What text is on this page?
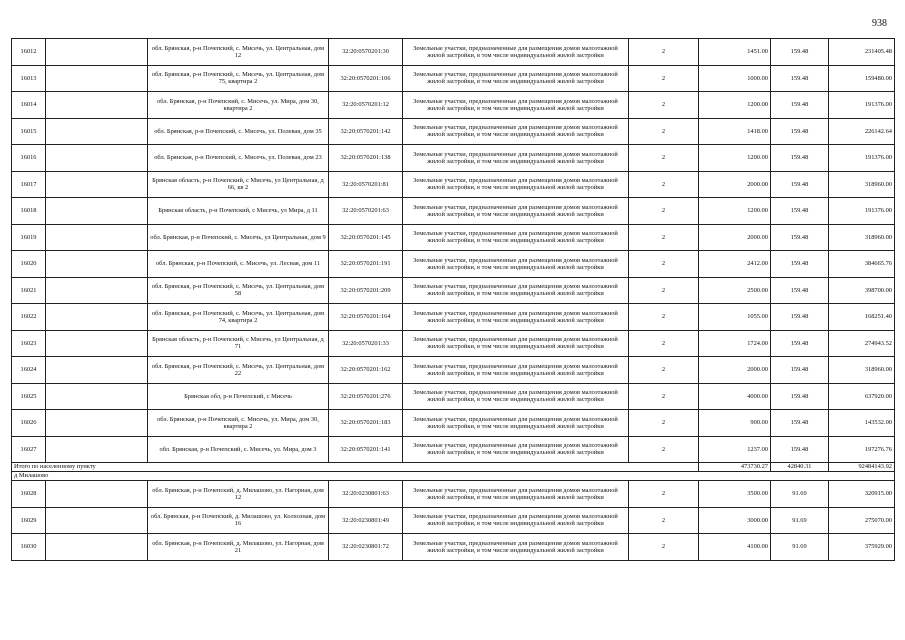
938
16012		обл. Брянская, р-н Почепский, с. Мисечь, ул. Центральная, дом 12	32:20:0570201:30	Земельные участки, предназначенные для размещения домов малоэтажной жилой застройки, в том числе индивидуальной жилой застройки	2	1451.00	159.48	231405.48
16013		обл. Брянская, р-н Почепский, с. Мисечь, ул. Центральная, дом 75, квартира 2	32:20:0570201:106	Земельные участки, предназначенные для размещения домов малоэтажной жилой застройки, в том числе индивидуальной жилой застройки	2	1000.00	159.48	159480.00
16014		обл. Брянская, р-н Почепский, с. Мисечь, ул. Мира, дом 30, квартира 2	32:20:0570201:12	Земельные участки, предназначенные для размещения домов малоэтажной жилой застройки, в том числе индивидуальной жилой застройки	2	1200.00	159.48	191376.00
16015		обл. Брянская, р-н Почепский, с. Мисечь, ул. Полевая, дом 35	32:20:0570201:142	Земельные участки, предназначенные для размещения домов малоэтажной жилой застройки, в том числе индивидуальной жилой застройки	2	1418.00	159.48	226142.64
16016		обл. Брянская, р-н Почепский, с. Мисечь, ул. Полевая, дом 23	32:20:0570201:138	Земельные участки, предназначенные для размещения домов малоэтажной жилой застройки, в том числе индивидуальной жилой застройки	2	1200.00	159.48	191376.00
16017		Брянская область, р-н Почепский, с Мисечь, ул Центральная, д 66, кв 2	32:20:0570201:81	Земельные участки, предназначенные для размещения домов малоэтажной жилой застройки, в том числе индивидуальной жилой застройки	2	2000.00	159.48	318960.00
16018		Брянская область, р-н Почепский, с Мисечь, ул Мира, д 11	32:20:0570201:63	Земельные участки, предназначенные для размещения домов малоэтажной жилой застройки, в том числе индивидуальной жилой застройки	2	1200.00	159.48	191376.00
16019		обл. Брянская, р-н Почепский, с. Мисечь, ул Центральная, дом 9	32:20:0570201:145	Земельные участки, предназначенные для размещения домов малоэтажной жилой застройки, в том числе индивидуальной жилой застройки	2	2000.00	159.48	318960.00
16020		обл. Брянская, р-н Почепский, с. Мисечь, ул. Лесная, дом 11	32:20:0570201:191	Земельные участки, предназначенные для размещения домов малоэтажной жилой застройки, в том числе индивидуальной жилой застройки	2	2412.00	159.48	384665.76
16021		обл. Брянская, р-н Почепский, с. Мисечь, ул. Центральная, дом 58	32:20:0570201:209	Земельные участки, предназначенные для размещения домов малоэтажной жилой застройки, в том числе индивидуальной жилой застройки	2	2500.00	159.48	398700.00
16022		обл. Брянская, р-н Почепский, с. Мисечь, ул. Центральная, дом 74, квартира 2	32:20:0570201:164	Земельные участки, предназначенные для размещения домов малоэтажной жилой застройки, в том числе индивидуальной жилой застройки	2	1055.00	159.48	168251.40
16023		Брянская область, р-н Почепский, с Мисечь, ул Центральная, д 71	32:20:0570201:33	Земельные участки, предназначенные для размещения домов малоэтажной жилой застройки, в том числе индивидуальной жилой застройки	2	1724.00	159.48	274943.52
16024		обл. Брянская, р-н Почепский, с. Мисечь, ул. Центральная, дом 22	32:20:0570201:162	Земельные участки, предназначенные для размещения домов малоэтажной жилой застройки, в том числе индивидуальной жилой застройки	2	2000.00	159.48	318960.00
16025		Брянская обл, р-н Почепский, с Мисечь	32:20:0570201:276	Земельные участки, предназначенные для размещения домов малоэтажной жилой застройки, в том числе индивидуальной жилой застройки	2	4000.00	159.48	637920.00
16026		обл. Брянская, р-н Почепский, с. Мисечь, ул. Мира, дом 30, квартира 2	32:20:0570201:183	Земельные участки, предназначенные для размещения домов малоэтажной жилой застройки, в том числе индивидуальной жилой застройки	2	900.00	159.48	143532.00
16027		обл. Брянская, р-н Почепский, с. Мисечь, ул. Мира, дом 3	32:20:0570201:141	Земельные участки, предназначенные для размещения домов малоэтажной жилой застройки, в том числе индивидуальной жилой застройки	2	1237.00	159.48	197276.76
Итого по населенному пункту						473730.27	42840.31	92484143.92
д Милашово								
16028		обл. Брянская, р-н Почепский, д. Милашово, ул. Нагорная, дом 12	32:20:0230801:63	Земельные участки, предназначенные для размещения домов малоэтажной жилой застройки, в том числе индивидуальной жилой застройки	2	3500.00	91.69	320915.00
16029		обл. Брянская, р-н Почепский, д. Милашово, ул. Колхозная, дом 16	32:20:0230801:49	Земельные участки, предназначенные для размещения домов малоэтажной жилой застройки, в том числе индивидуальной жилой застройки	2	3000.00	91.69	275070.00
16030		обл. Брянская, р-н Почепский, д. Милашово, ул. Нагорная, дом 21	32:20:0230801:72	Земельные участки, предназначенные для размещения домов малоэтажной жилой застройки, в том числе индивидуальной жилой застройки	2	4100.00	91.69	375929.00
